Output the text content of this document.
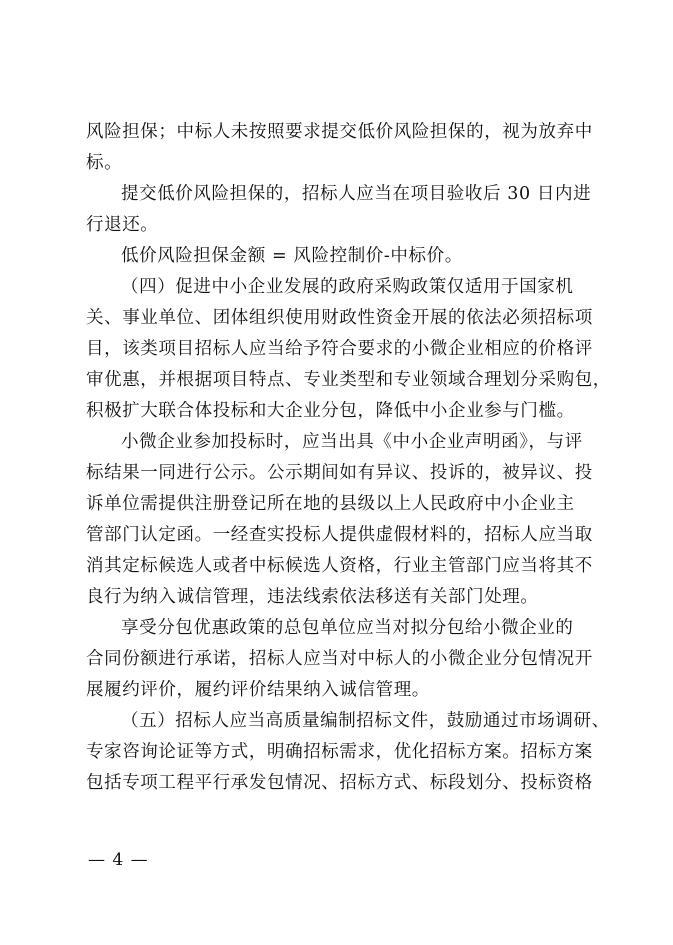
风险担保；中标人未按照要求提交低价风险担保的，视为放弃中
标。
提交低价风险担保的，招标人应当在项目验收后 30 日内进
行退还。
低价风险担保金额 = 风险控制价-中标价。
（四）促进中小企业发展的政府采购政策仅适用于国家机
关、事业单位、团体组织使用财政性资金开展的依法必须招标项
目，该类项目招标人应当给予符合要求的小微企业相应的价格评
审优惠，并根据项目特点、专业类型和专业领域合理划分采购包，
积极扩大联合体投标和大企业分包，降低中小企业参与门槛。
小微企业参加投标时，应当出具《中小企业声明函》，与评
标结果一同进行公示。公示期间如有异议、投诉的，被异议、投
诉单位需提供注册登记所在地的县级以上人民政府中小企业主
管部门认定函。一经查实投标人提供虚假材料的，招标人应当取
消其定标候选人或者中标候选人资格，行业主管部门应当将其不
良行为纳入诚信管理，违法线索依法移送有关部门处理。
享受分包优惠政策的总包单位应当对拟分包给小微企业的
合同份额进行承诺，招标人应当对中标人的小微企业分包情况开
展履约评价，履约评价结果纳入诚信管理。
（五）招标人应当高质量编制招标文件，鼓励通过市场调研、
专家咨询论证等方式，明确招标需求，优化招标方案。招标方案
包括专项工程平行承发包情况、招标方式、标段划分、投标资格
— 4 —
